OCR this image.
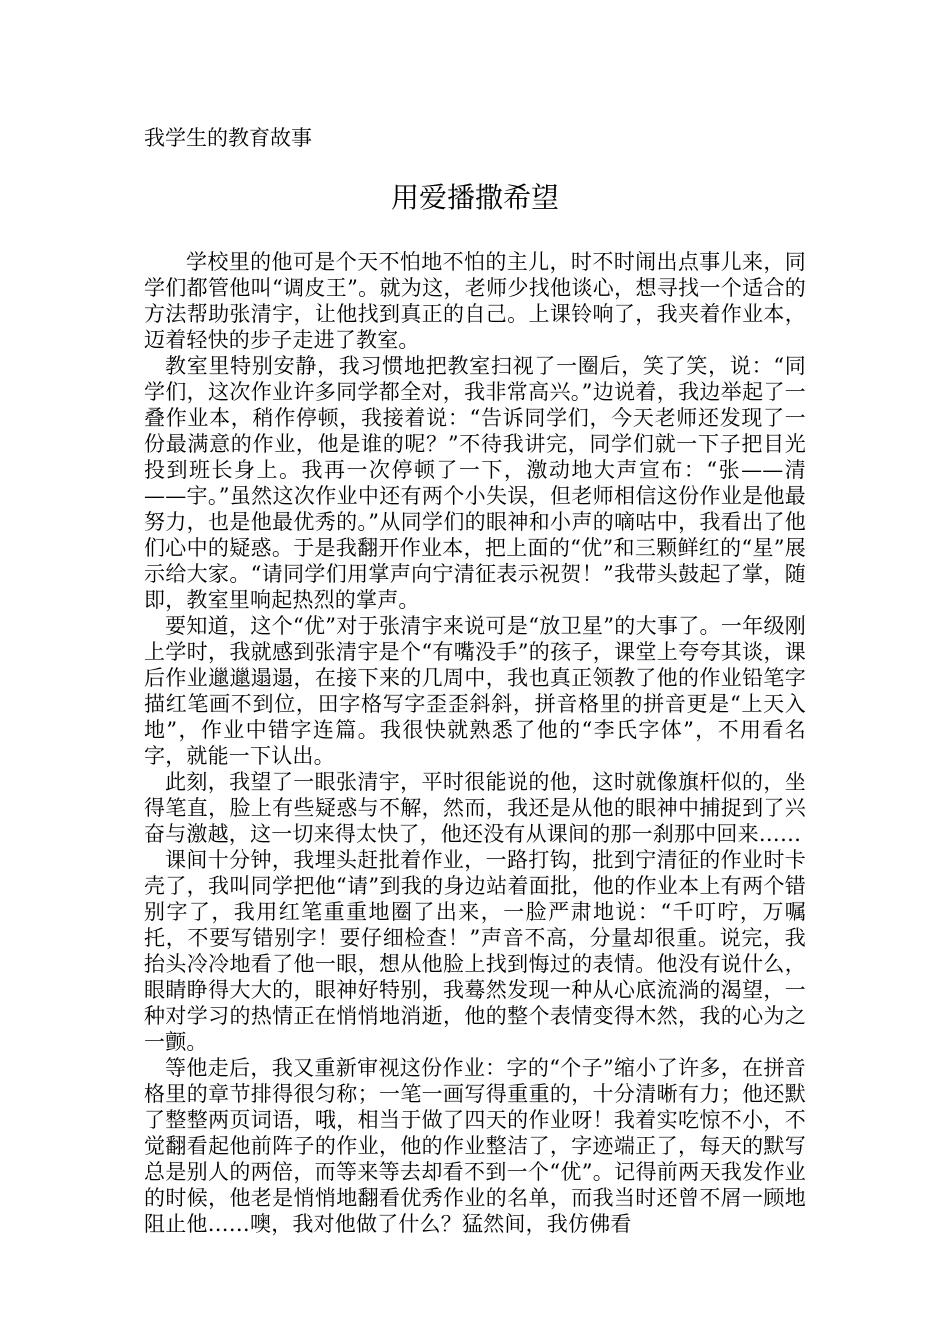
我学生的教育故事
用爱播撒希望

学校里的他可是个天不怕地不怕的主儿，时不时闹出点事儿来，同学们都管他叫“调皮王”。就为这，老师少找他谈心，想寻找一个适合的方法帮助张清宇，让他找到真正的自己。上课铃响了，我夹着作业本，迈着轻快的步子走进了教室。

教室里特别安静，我习惯地把教室扫视了一圈后，笑了笑，说：“同学们，这次作业许多同学都全对，我非常高兴。”边说着，我边举起了一叠作业本，稍作停顿，我接着说：“告诉同学们，今天老师还发现了一份最满意的作业，他是谁的呢？”不待我讲完，同学们就一下子把目光投到班长身上。我再一次停顿了一下，激动地大声宣布：“张——清——宇。”虽然这次作业中还有两个小失误，但老师相信这份作业是他最努力，也是他最优秀的。”从同学们的眼神和小声的嘀咕中，我看出了他们心中的疑惑。于是我翻开作业本，把上面的“优”和三颗鲜红的“星”展示给大家。“请同学们用掌声向宁清征表示祝贺！”我带头鼓起了掌，随即，教室里响起热烈的掌声。

要知道，这个“优”对于张清宇来说可是“放卫星”的大事了。一年级刚上学时，我就感到张清宇是个“有嘴没手”的孩子，课堂上夸夸其谈，课后作业邋邋遢遢，在接下来的几周中，我也真正领教了他的作业铅笔字描红笔画不到位，田字格写字歪歪斜斜，拼音格里的拼音更是“上天入地”，作业中错字连篇。我很快就熟悉了他的“李氏字体”，不用看名字，就能一下认出。

此刻，我望了一眼张清宇，平时很能说的他，这时就像旗杆似的，坐得笔直，脸上有些疑惑与不解，然而，我还是从他的眼神中捕捉到了兴奋与激越，这一切来得太快了，他还没有从课间的那一刹那中回来……

课间十分钟，我埋头赶批着作业，一路打钩，批到宁清征的作业时卡壳了，我叫同学把他“请”到我的身边站着面批，他的作业本上有两个错别字了，我用红笔重重地圈了出来，一脸严肃地说：“千叮咛，万嘱托，不要写错别字！要仔细检查！”声音不高，分量却很重。说完，我抬头冷冷地看了他一眼，想从他脸上找到悔过的表情。他没有说什么，眼睛睁得大大的，眼神好特别，我蓦然发现一种从心底流淌的渴望，一种对学习的热情正在悄悄地消逝，他的整个表情变得木然，我的心为之一颤。

等他走后，我又重新审视这份作业：字的“个子”缩小了许多，在拼音格里的章节排得很匀称；一笔一画写得重重的，十分清晰有力；他还默了整整两页词语，哦，相当于做了四天的作业呀！我着实吃惊不小，不觉翻看起他前阵子的作业，他的作业整洁了，字迹端正了，每天的默写总是别人的两倍，而等来等去却看不到一个“优”。记得前两天我发作业的时候，他老是悄悄地翻看优秀作业的名单，而我当时还曾不屑一顾地阻止他……噢，我对他做了什么？猛然间，我仿佛看
